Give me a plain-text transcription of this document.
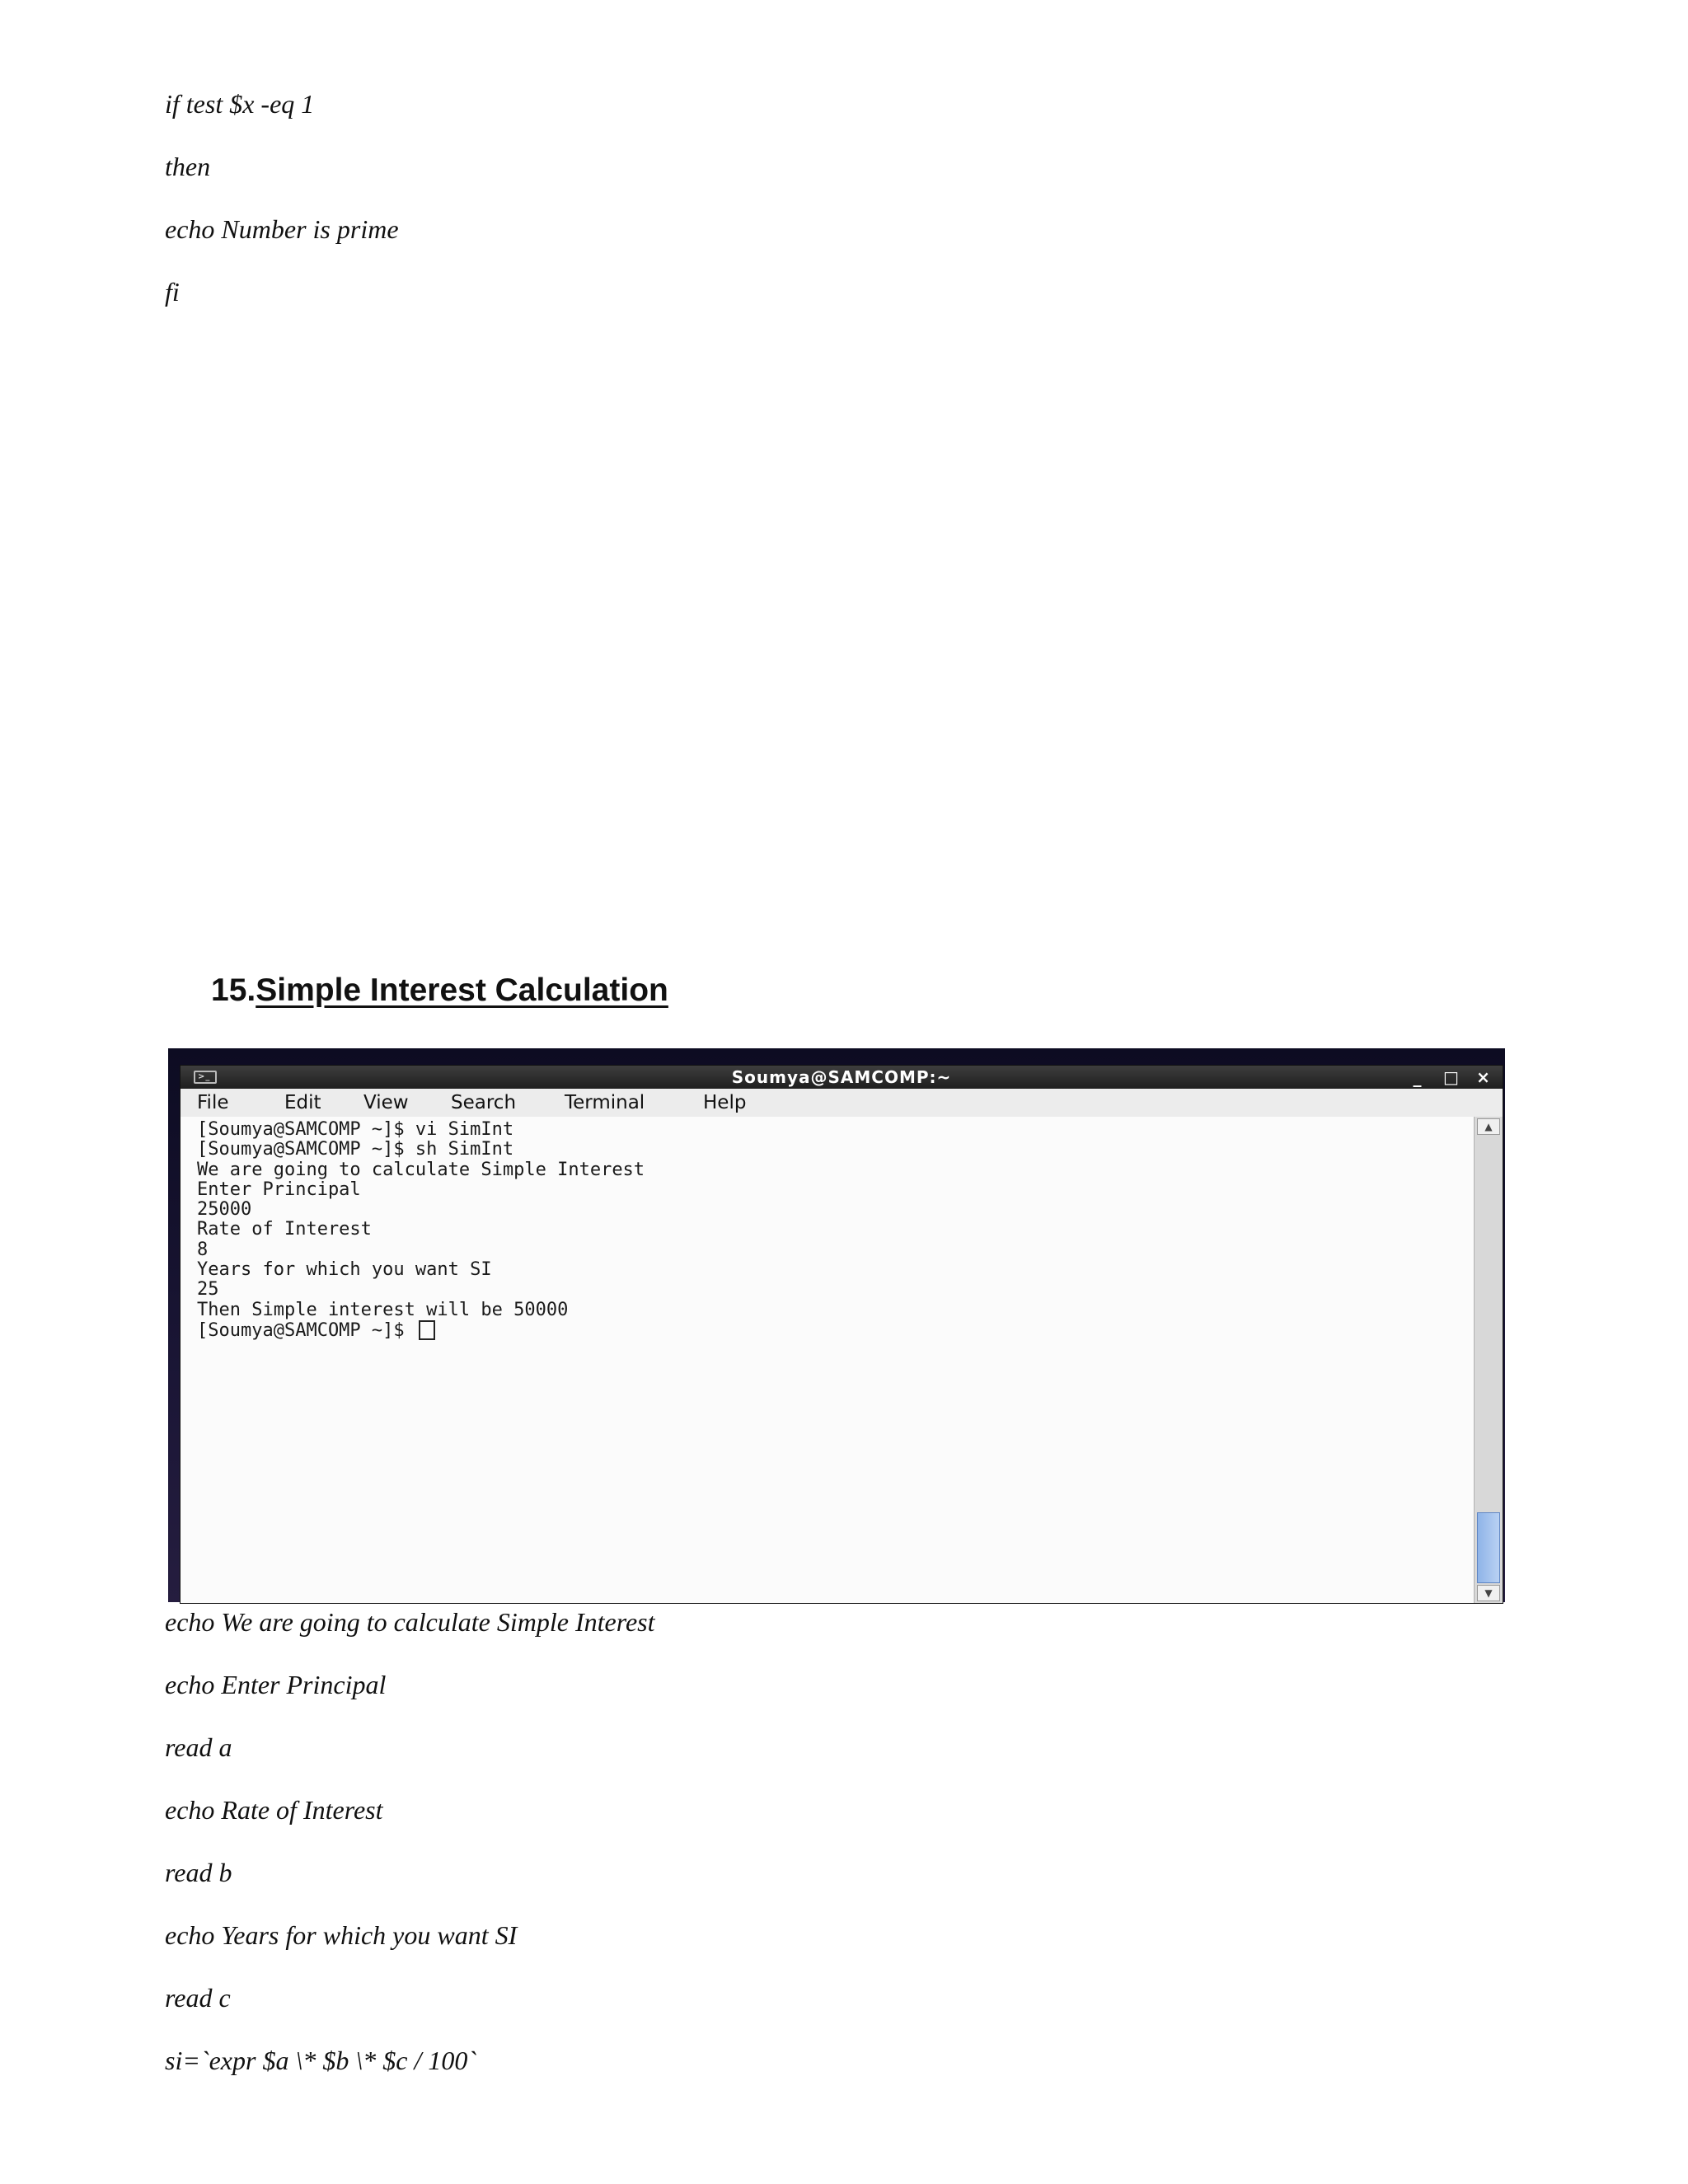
if test $x -eq 1

then

echo Number is prime

fi

15.Simple Interest Calculation
>_	Soumya@SAMCOMP:~	_ □ ×
File	Edit View Search	Terminal	Help
[Soumya@SAMCOMP ~]$ vi SimInt
[Soumya@SAMCOMP ~]$ sh SimInt
We are going to calculate Simple Interest
Enter Principal
25000
Rate of Interest
8
Years for which you want SI
25
Then Simple interest will be 50000
[Soumya@SAMCOMP ~]$
▲
▼

echo We are going to calculate Simple Interest

echo Enter Principal

read a

echo Rate of Interest

read b

echo Years for which you want SI

read c

si=`expr $a \* $b \* $c / 100`
